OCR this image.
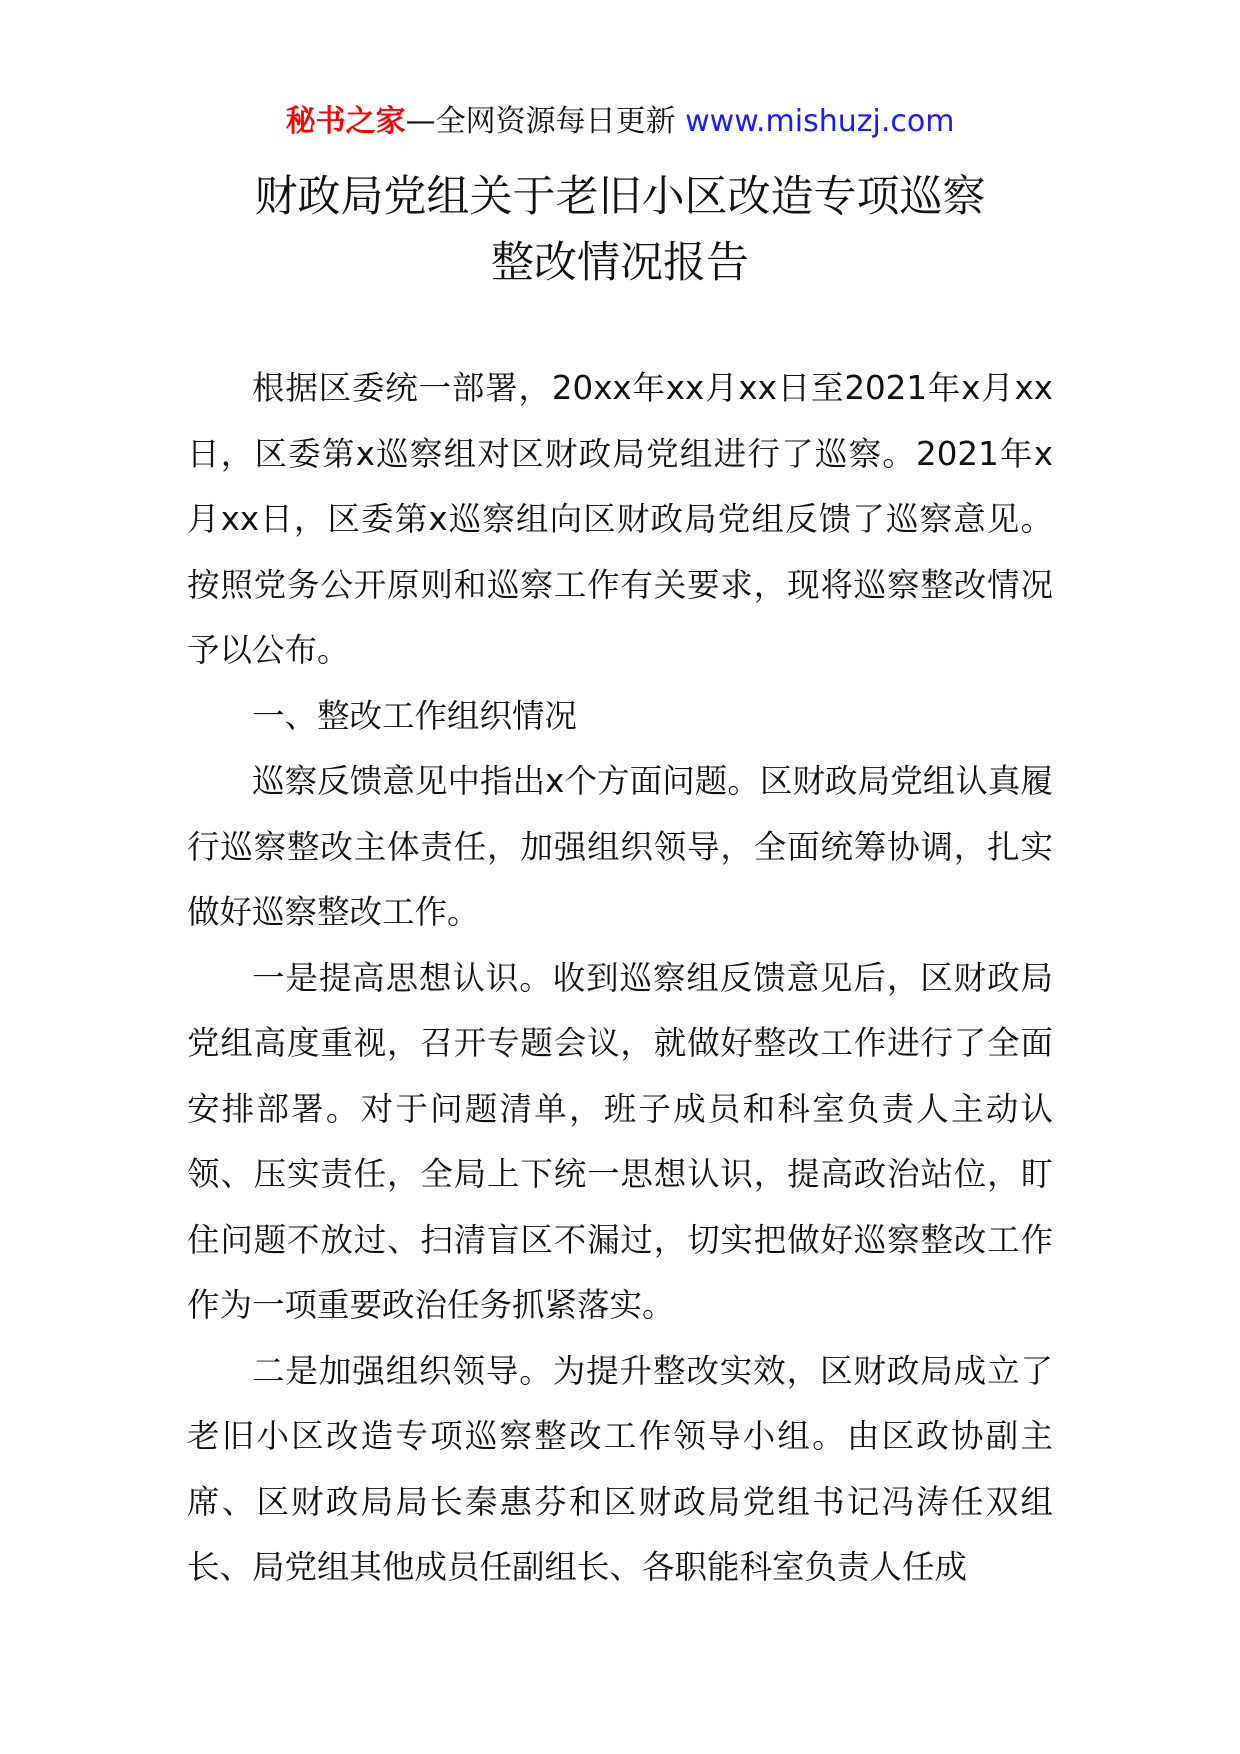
秘书之家—全网资源每日更新 www.mishuzj.com
财政局党组关于老旧小区改造专项巡察
整改情况报告

根据区委统一部署，20xx年xx月xx日至2021年x月xx日，区委第x巡察组对区财政局党组进行了巡察。2021年x月xx日，区委第x巡察组向区财政局党组反馈了巡察意见。按照党务公开原则和巡察工作有关要求，现将巡察整改情况予以公布。

一、整改工作组织情况

巡察反馈意见中指出x个方面问题。区财政局党组认真履行巡察整改主体责任，加强组织领导，全面统筹协调，扎实做好巡察整改工作。

一是提高思想认识。收到巡察组反馈意见后，区财政局党组高度重视，召开专题会议，就做好整改工作进行了全面安排部署。对于问题清单，班子成员和科室负责人主动认领、压实责任，全局上下统一思想认识，提高政治站位，盯住问题不放过、扫清盲区不漏过，切实把做好巡察整改工作作为一项重要政治任务抓紧落实。

二是加强组织领导。为提升整改实效，区财政局成立了老旧小区改造专项巡察整改工作领导小组。由区政协副主席、区财政局局长秦惠芬和区财政局党组书记冯涛任双组长、局党组其他成员任副组长、各职能科室负责人任成
